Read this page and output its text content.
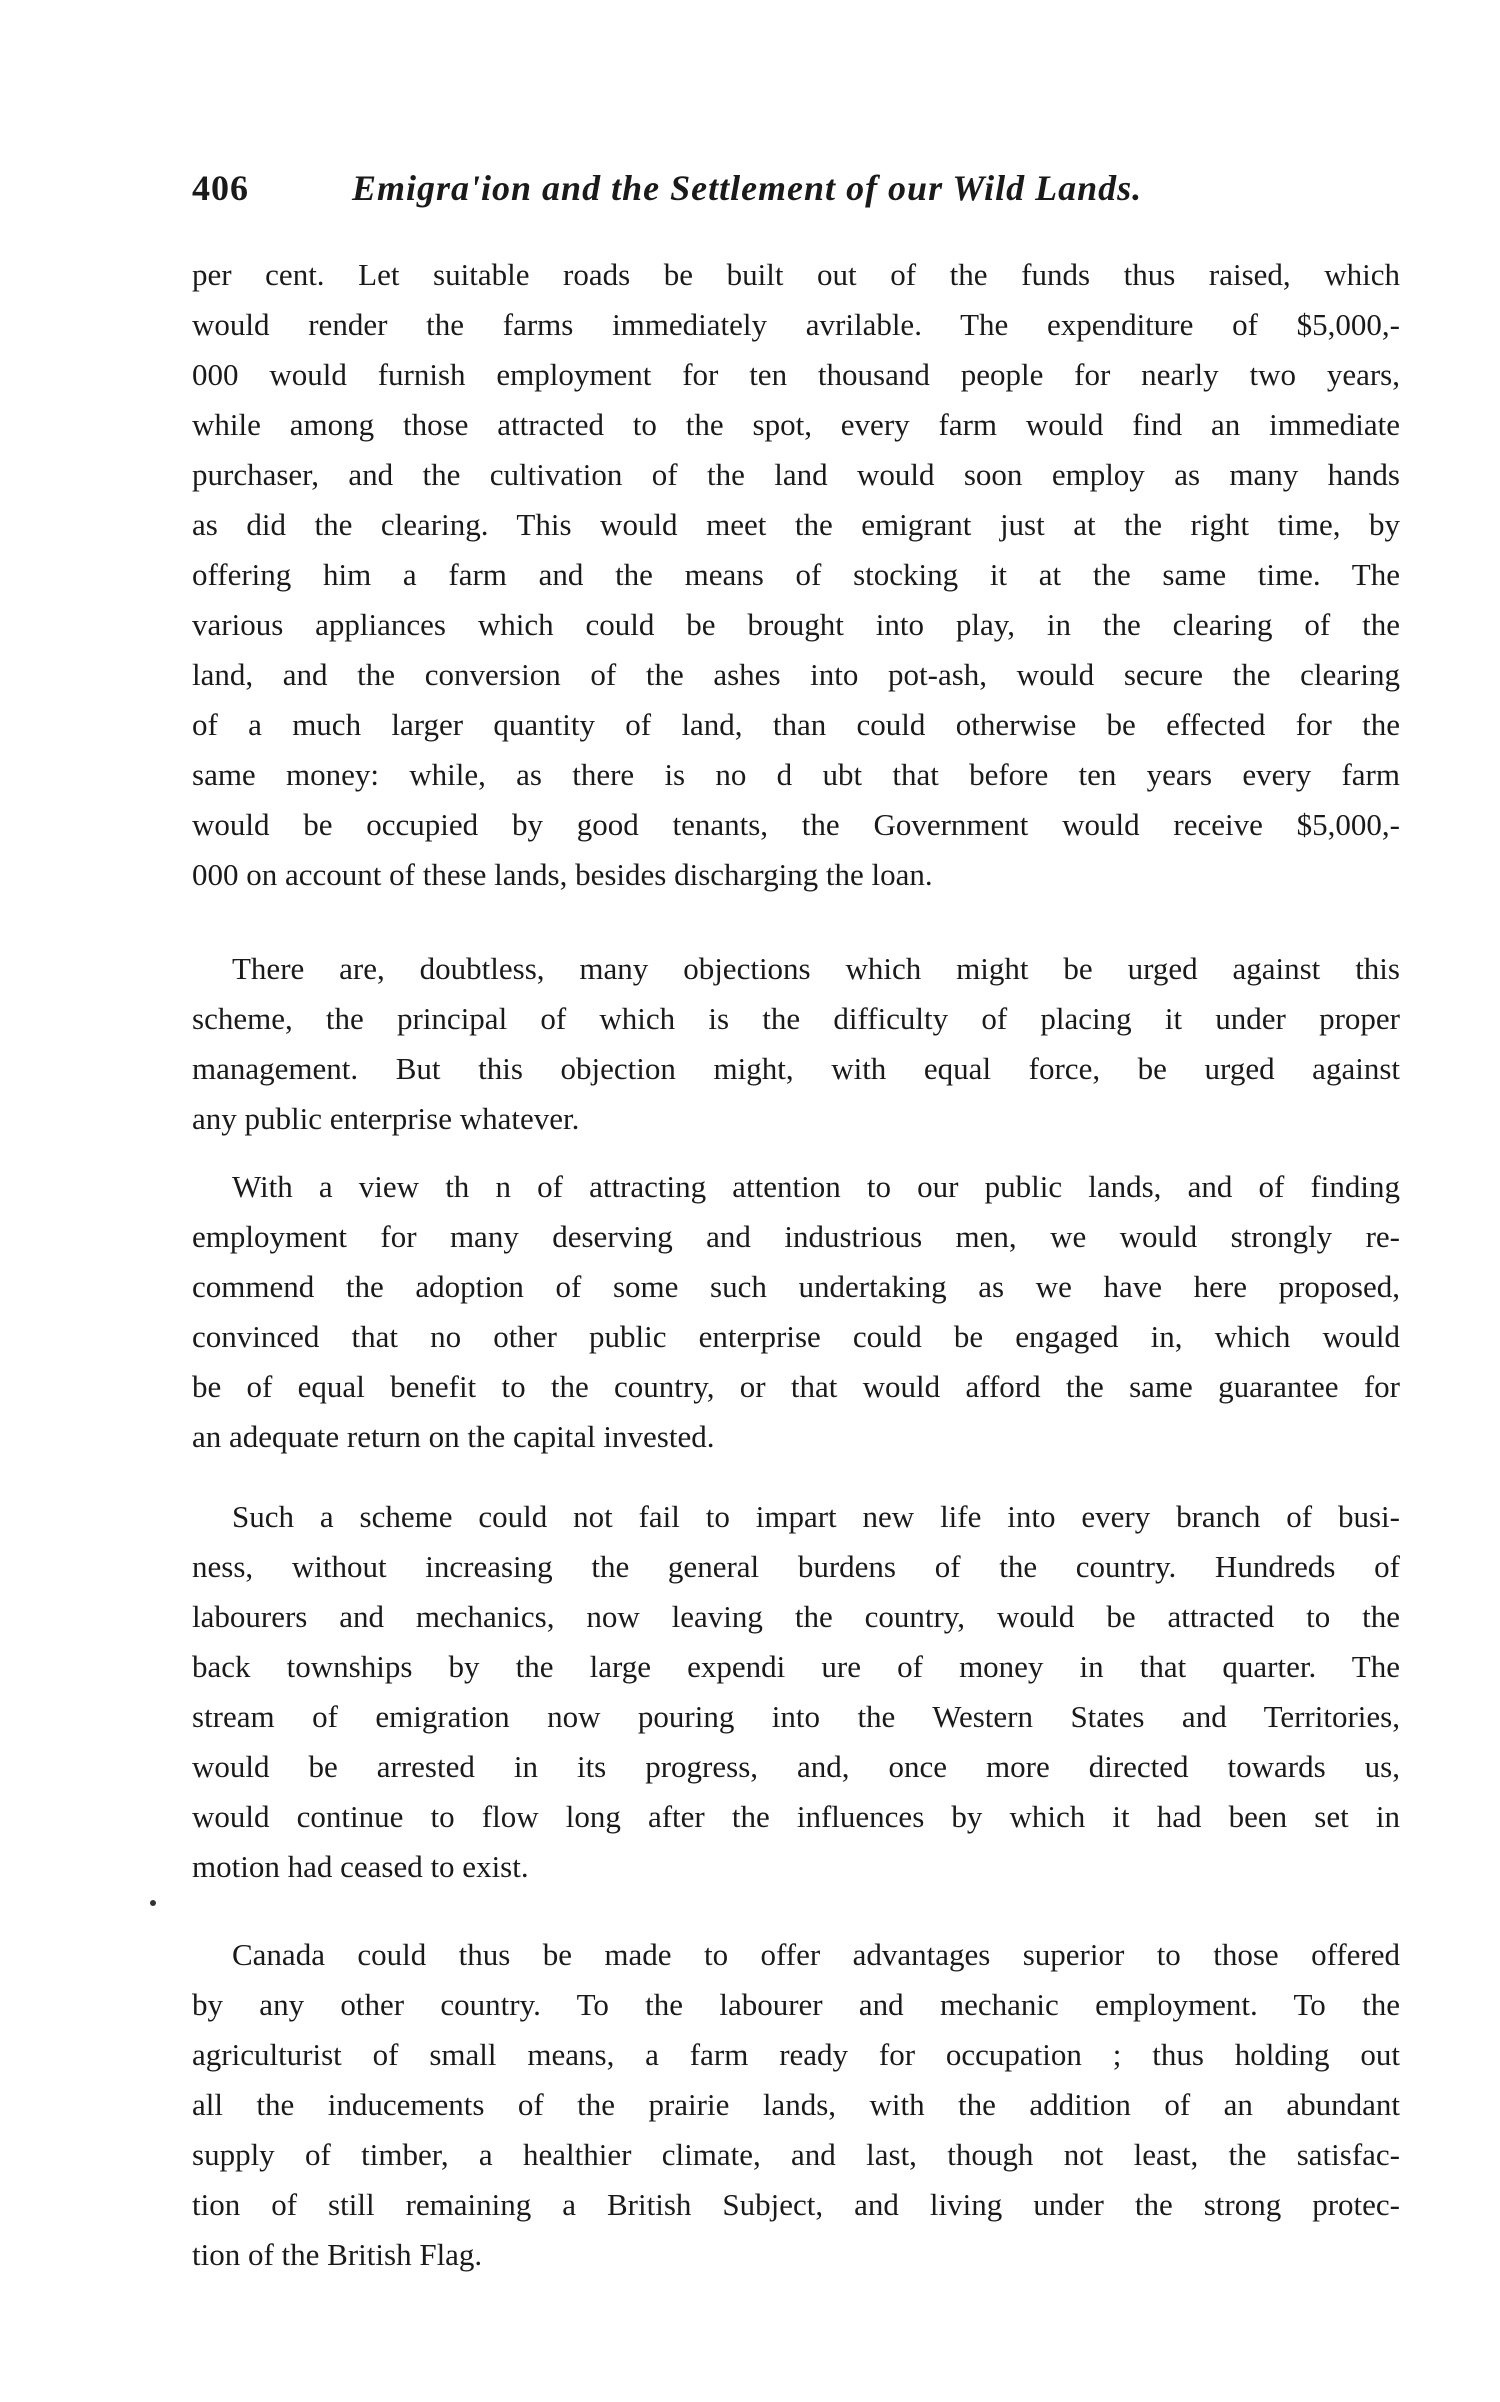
406	Emigra'ion and the Settlement of our Wild Lands.

per cent. Let suitable roads be built out of the funds thus raised, which
would render the farms immediately avrilable. The expenditure of $5,000,-
000 would furnish employment for ten thousand people for nearly two years,
while among those attracted to the spot, every farm would find an immediate
purchaser, and the cultivation of the land would soon employ as many hands
as did the clearing. This would meet the emigrant just at the right time, by
offering him a farm and the means of stocking it at the same time. The
various appliances which could be brought into play, in the clearing of the
land, and the conversion of the ashes into pot-ash, would secure the clearing
of a much larger quantity of land, than could otherwise be effected for the
same money: while, as there is no d ubt that before ten years every farm
would be occupied by good tenants, the Government would receive $5,000,-
000 on account of these lands, besides discharging the loan.

There are, doubtless, many objections which might be urged against this
scheme, the principal of which is the difficulty of placing it under proper
management. But this objection might, with equal force, be urged against
any public enterprise whatever.

With a view th n of attracting attention to our public lands, and of finding
employment for many deserving and industrious men, we would strongly re-
commend the adoption of some such undertaking as we have here proposed,
convinced that no other public enterprise could be engaged in, which would
be of equal benefit to the country, or that would afford the same guarantee for
an adequate return on the capital invested.

Such a scheme could not fail to impart new life into every branch of busi-
ness, without increasing the general burdens of the country. Hundreds of
labourers and mechanics, now leaving the country, would be attracted to the
back townships by the large expendi ure of money in that quarter. The
stream of emigration now pouring into the Western States and Territories,
would be arrested in its progress, and, once more directed towards us,
would continue to flow long after the influences by which it had been set in
motion had ceased to exist.

Canada could thus be made to offer advantages superior to those offered
by any other country. To the labourer and mechanic employment. To the
agriculturist of small means, a farm ready for occupation ; thus holding out
all the inducements of the prairie lands, with the addition of an abundant
supply of timber, a healthier climate, and last, though not least, the satisfac-
tion of still remaining a British Subject, and living under the strong protec-
tion of the British Flag.
